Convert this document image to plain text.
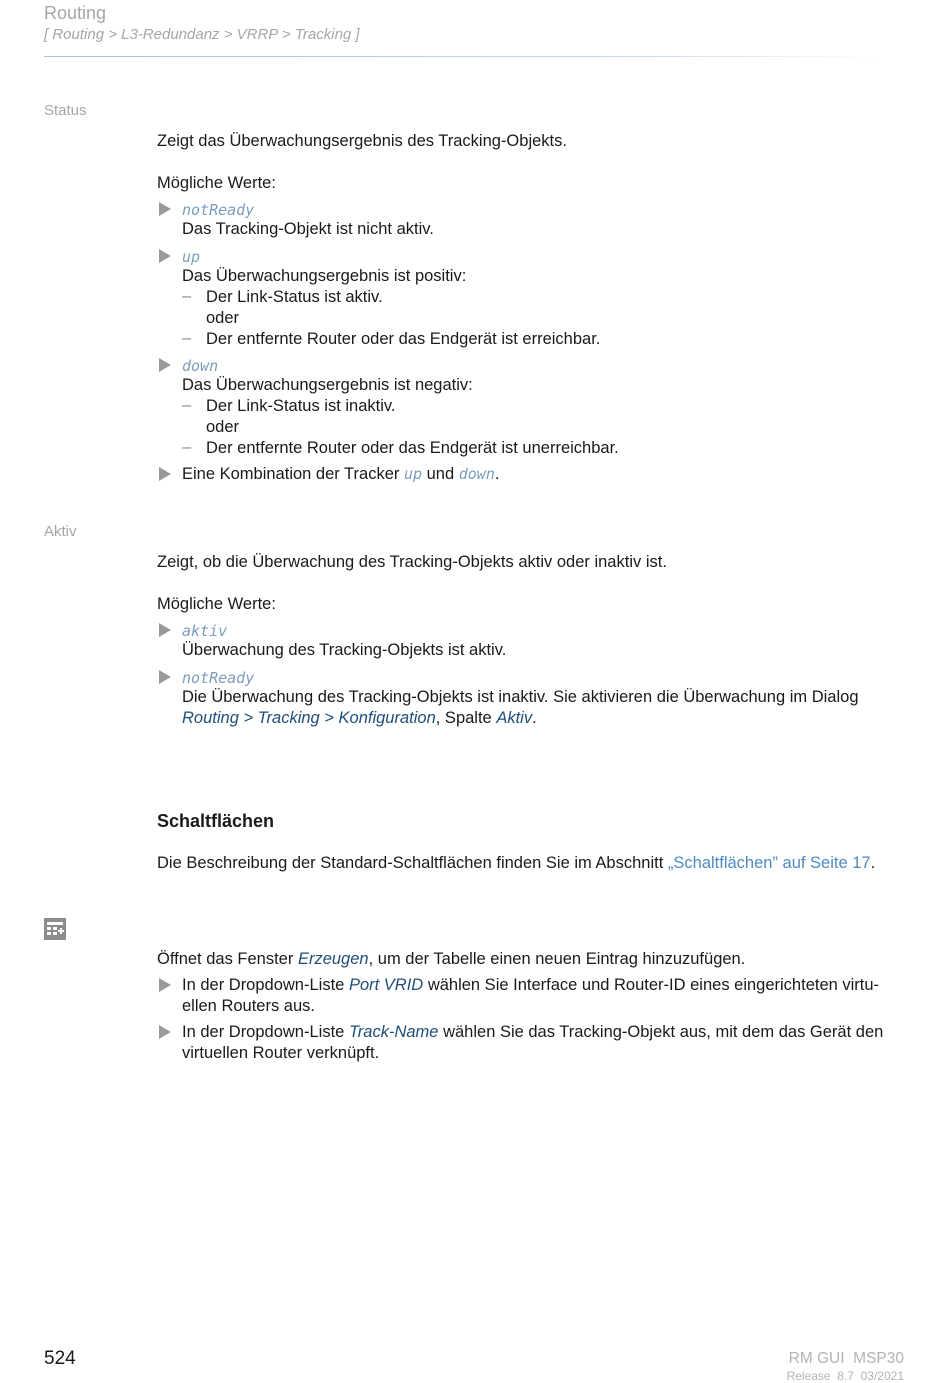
Routing
[ Routing > L3-Redundanz > VRRP > Tracking ]
Status
Zeigt das Überwachungsergebnis des Tracking-Objekts.
Mögliche Werte:
notReady
Das Tracking-Objekt ist nicht aktiv.
up
Das Überwachungsergebnis ist positiv:
– Der Link-Status ist aktiv.
oder
– Der entfernte Router oder das Endgerät ist erreichbar.
down
Das Überwachungsergebnis ist negativ:
– Der Link-Status ist inaktiv.
oder
– Der entfernte Router oder das Endgerät ist unerreichbar.
Eine Kombination der Tracker up und down.
Aktiv
Zeigt, ob die Überwachung des Tracking-Objekts aktiv oder inaktiv ist.
Mögliche Werte:
aktiv
Überwachung des Tracking-Objekts ist aktiv.
notReady
Die Überwachung des Tracking-Objekts ist inaktiv. Sie aktivieren die Überwachung im Dialog
Routing > Tracking > Konfiguration, Spalte Aktiv.
Schaltflächen
Die Beschreibung der Standard-Schaltflächen finden Sie im Abschnitt „Schaltflächen” auf Seite 17.
Öffnet das Fenster Erzeugen, um der Tabelle einen neuen Eintrag hinzuzufügen.
In der Dropdown-Liste Port VRID wählen Sie Interface und Router-ID eines eingerichteten virtu-
ellen Routers aus.
In der Dropdown-Liste Track-Name wählen Sie das Tracking-Objekt aus, mit dem das Gerät den
virtuellen Router verknüpft.
524	RM GUI  MSP30
Release  8.7  03/2021
